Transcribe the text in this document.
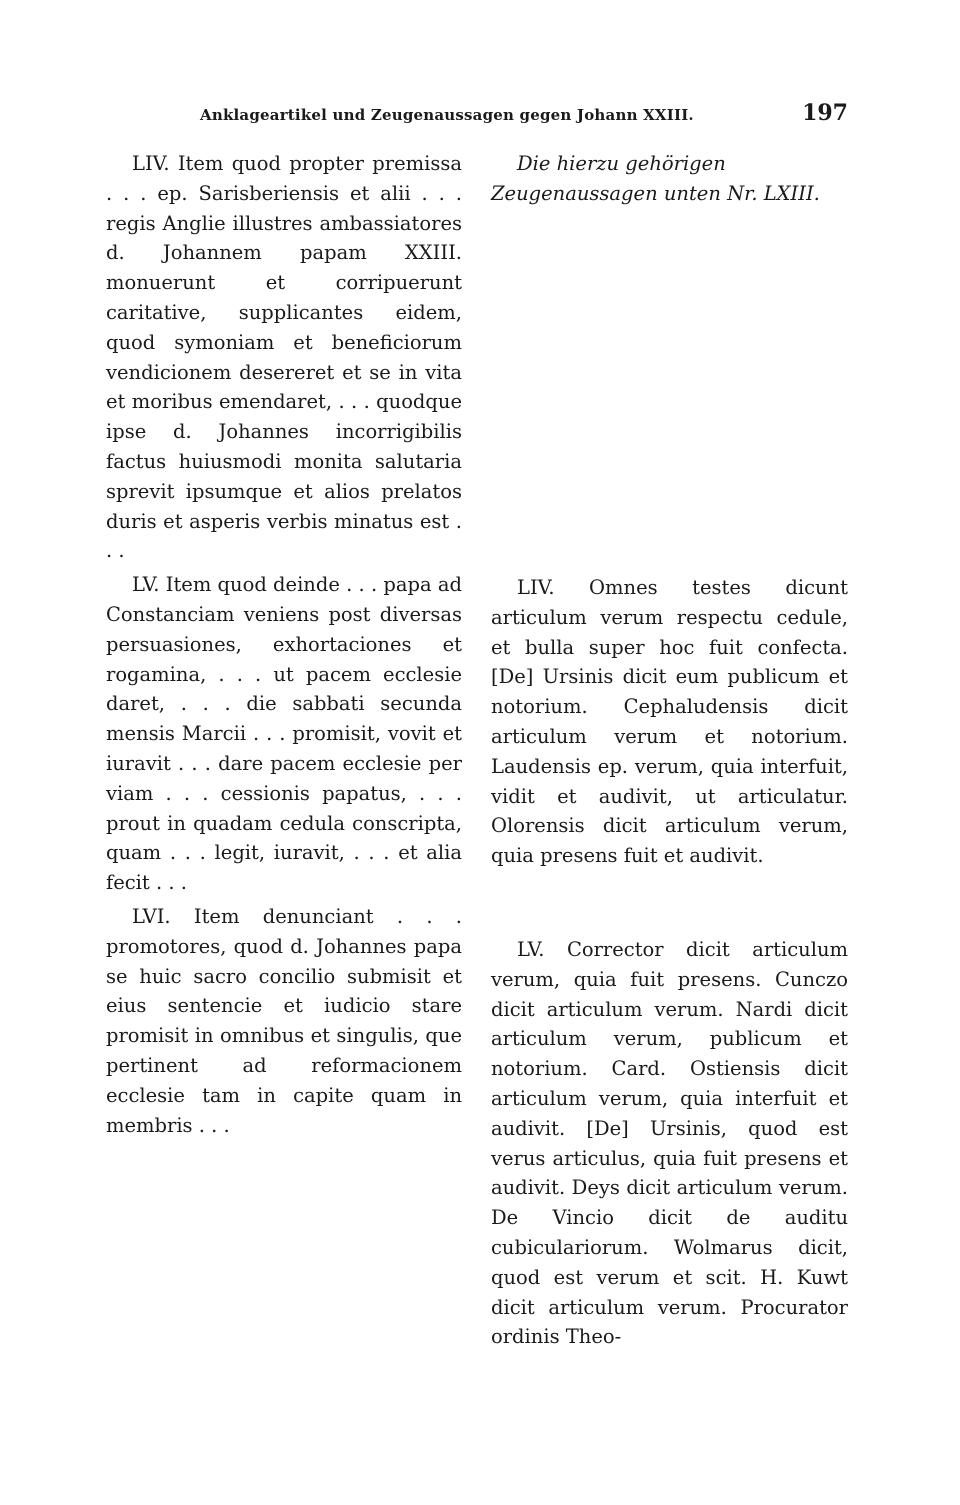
Anklageartikel und Zeugenaussagen gegen Johann XXIII.	197

LIV. Item quod propter premissa . . . ep. Sarisberiensis et alii . . . regis Anglie illustres ambassiatores d. Johannem papam XXIII. monuerunt et corripuerunt caritative, supplicantes eidem, quod symoniam et beneficiorum vendicionem desereret et se in vita et moribus emendaret, . . . quodque ipse d. Johannes incorrigibilis factus huiusmodi monita salutaria sprevit ipsumque et alios prelatos duris et asperis verbis minatus est . . .

LV. Item quod deinde . . . papa ad Constanciam veniens post diversas persuasiones, exhortaciones et rogamina, . . . ut pacem ecclesie daret, . . . die sabbati secunda mensis Marcii . . . promisit, vovit et iuravit . . . dare pacem ecclesie per viam . . . cessionis papatus, . . . prout in quadam cedula conscripta, quam . . . legit, iuravit, . . . et alia fecit . . .

LVI. Item denunciant . . . promotores, quod d. Johannes papa se huic sacro concilio submisit et eius sentencie et iudicio stare promisit in omnibus et singulis, que pertinent ad reformacionem ecclesie tam in capite quam in membris . . .

Die hierzu gehörigen Zeugenaussagen unten Nr. LXIII.

LIV. Omnes testes dicunt articulum verum respectu cedule, et bulla super hoc fuit confecta. [De] Ursinis dicit eum publicum et notorium. Cephaludensis dicit articulum verum et notorium. Laudensis ep. verum, quia interfuit, vidit et audivit, ut articulatur. Olorensis dicit articulum verum, quia presens fuit et audivit.

LV. Corrector dicit articulum verum, quia fuit presens. Cunczo dicit articulum verum. Nardi dicit articulum verum, publicum et notorium. Card. Ostiensis dicit articulum verum, quia interfuit et audivit. [De] Ursinis, quod est verus articulus, quia fuit presens et audivit. Deys dicit articulum verum. De Vincio dicit de auditu cubiculariorum. Wolmarus dicit, quod est verum et scit. H. Kuwt dicit articulum verum. Procurator ordinis Theo-
